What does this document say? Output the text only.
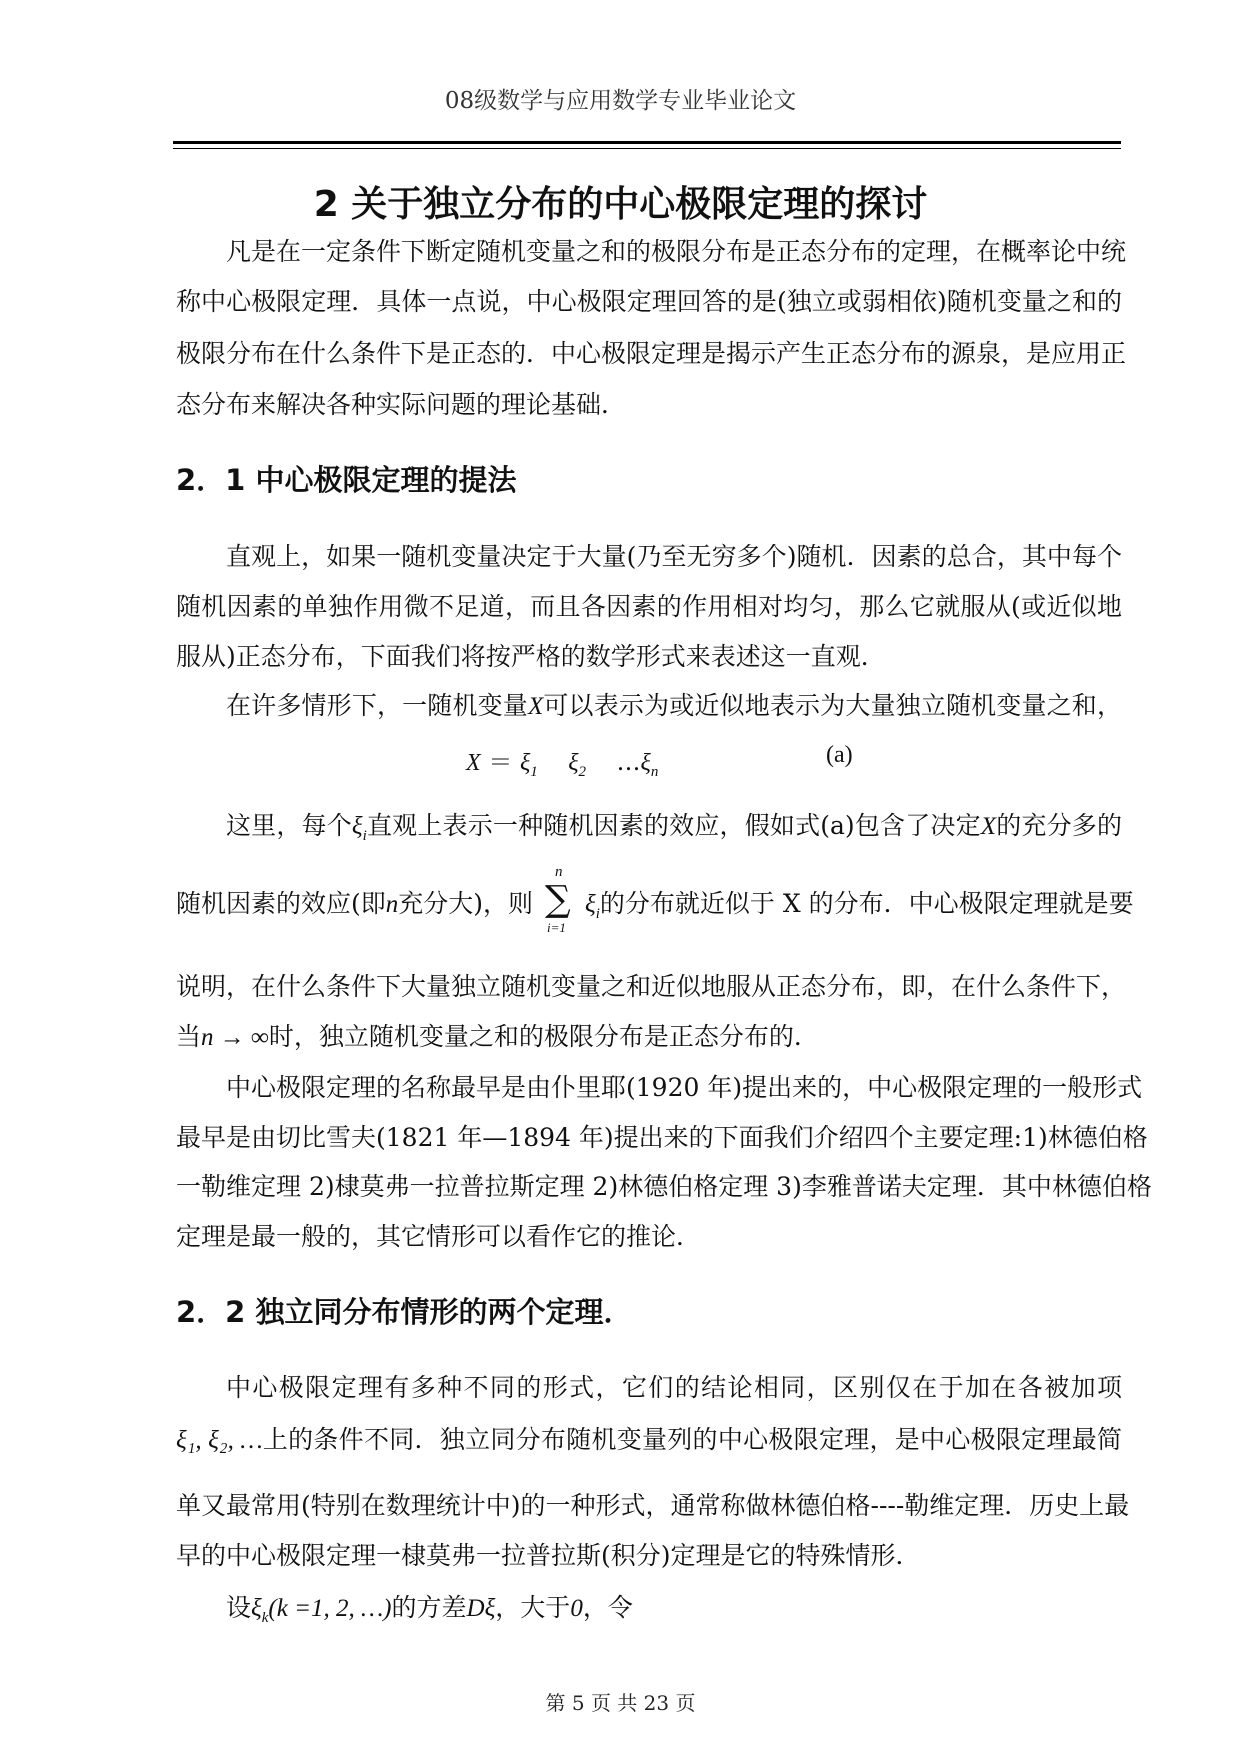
08级数学与应用数学专业毕业论文
2 关于独立分布的中心极限定理的探讨
凡是在一定条件下断定随机变量之和的极限分布是正态分布的定理，在概率论中统
称中心极限定理．具体一点说，中心极限定理回答的是(独立或弱相依)随机变量之和的
极限分布在什么条件下是正态的．中心极限定理是揭示产生正态分布的源泉，是应用正
态分布来解决各种实际问题的理论基础．
2．1 中心极限定理的提法
直观上，如果一随机变量决定于大量(乃至无穷多个)随机．因素的总合，其中每个
随机因素的单独作用微不足道，而且各因素的作用相对均匀，那么它就服从(或近似地
服从)正态分布，下面我们将按严格的数学形式来表述这一直观．
在许多情形下，一随机变量X可以表示为或近似地表示为大量独立随机变量之和，
$X = \xi_1$ $\xi_2$ $\dots\xi_n$
(a)
这里，每个$\xi_i$直观上表示一种随机因素的效应，假如式(a)包含了决定X的充分多的
随机因素的效应(即n充分大)，则
n
∑
i=1
$\xi_i$的分布就近似于 X 的分布．中心极限定理就是要
说明，在什么条件下大量独立随机变量之和近似地服从正态分布，即，在什么条件下，
当n → ∞时，独立随机变量之和的极限分布是正态分布的．
中心极限定理的名称最早是由仆里耶(1920 年)提出来的，中心极限定理的一般形式
最早是由切比雪夫(1821 年—1894 年)提出来的下面我们介绍四个主要定理:1)林德伯格
一勒维定理 2)棣莫弗一拉普拉斯定理 2)林德伯格定理 3)李雅普诺夫定理．其中林德伯格
定理是最一般的，其它情形可以看作它的推论．
2．2 独立同分布情形的两个定理．
中心极限定理有多种不同的形式，它们的结论相同，区别仅在于加在各被加项
ξ₁, ξ₂, …上的条件不同．独立同分布随机变量列的中心极限定理，是中心极限定理最简
单又最常用(特别在数理统计中)的一种形式，通常称做林德伯格----勒维定理．历史上最
早的中心极限定理一棣莫弗一拉普拉斯(积分)定理是它的特殊情形．
设$\xi_k(k =1$, 2, …)的方差Dξ，大于0，令
第 5 页 共 23 页
